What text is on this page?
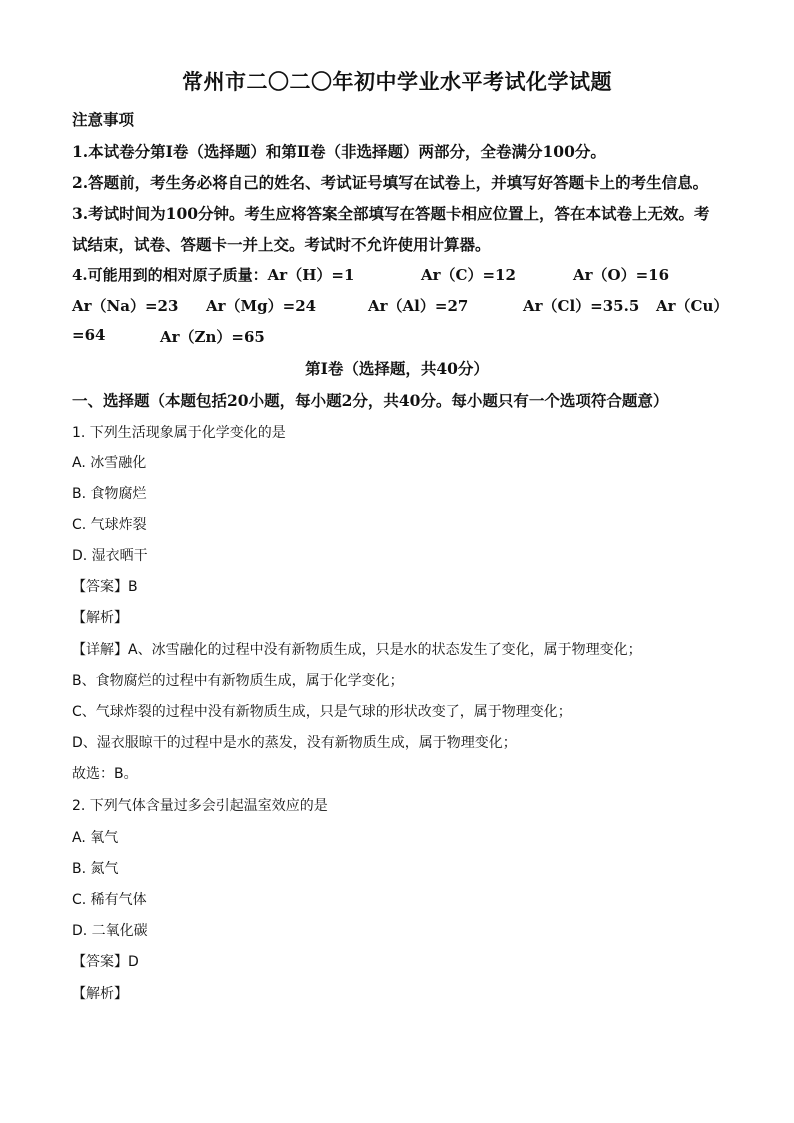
常州市二〇二〇年初中学业水平考试化学试题
注意事项
1.本试卷分第Ⅰ卷（选择题）和第Ⅱ卷（非选择题）两部分，全卷满分100分。
2.答题前，考生务必将自己的姓名、考试证号填写在试卷上，并填写好答题卡上的考生信息。
3.考试时间为100分钟。考生应将答案全部填写在答题卡相应位置上，答在本试卷上无效。考
试结束，试卷、答题卡一并上交。考试时不允许使用计算器。
4.可能用到的相对原子质量：Ar（H）=1	Ar（C）=12	Ar（O）=16
Ar（Na）=23 Ar（Mg）=24	Ar（Al）=27	Ar（Cl）=35.5 Ar（Cu）
=64	Ar（Zn）=65
第Ⅰ卷（选择题，共40分）
一、选择题（本题包括20小题，每小题2分，共40分。每小题只有一个选项符合题意）
1. 下列生活现象属于化学变化的是
A. 冰雪融化
B. 食物腐烂
C. 气球炸裂
D. 湿衣晒干
【答案】B
【解析】
【详解】A、冰雪融化的过程中没有新物质生成，只是水的状态发生了变化，属于物理变化；
B、食物腐烂的过程中有新物质生成，属于化学变化；
C、气球炸裂的过程中没有新物质生成，只是气球的形状改变了，属于物理变化；
D、湿衣服晾干的过程中是水的蒸发，没有新物质生成，属于物理变化；
故选：B。
2. 下列气体含量过多会引起温室效应的是
A. 氧气
B. 氮气
C. 稀有气体
D. 二氧化碳
【答案】D
【解析】
